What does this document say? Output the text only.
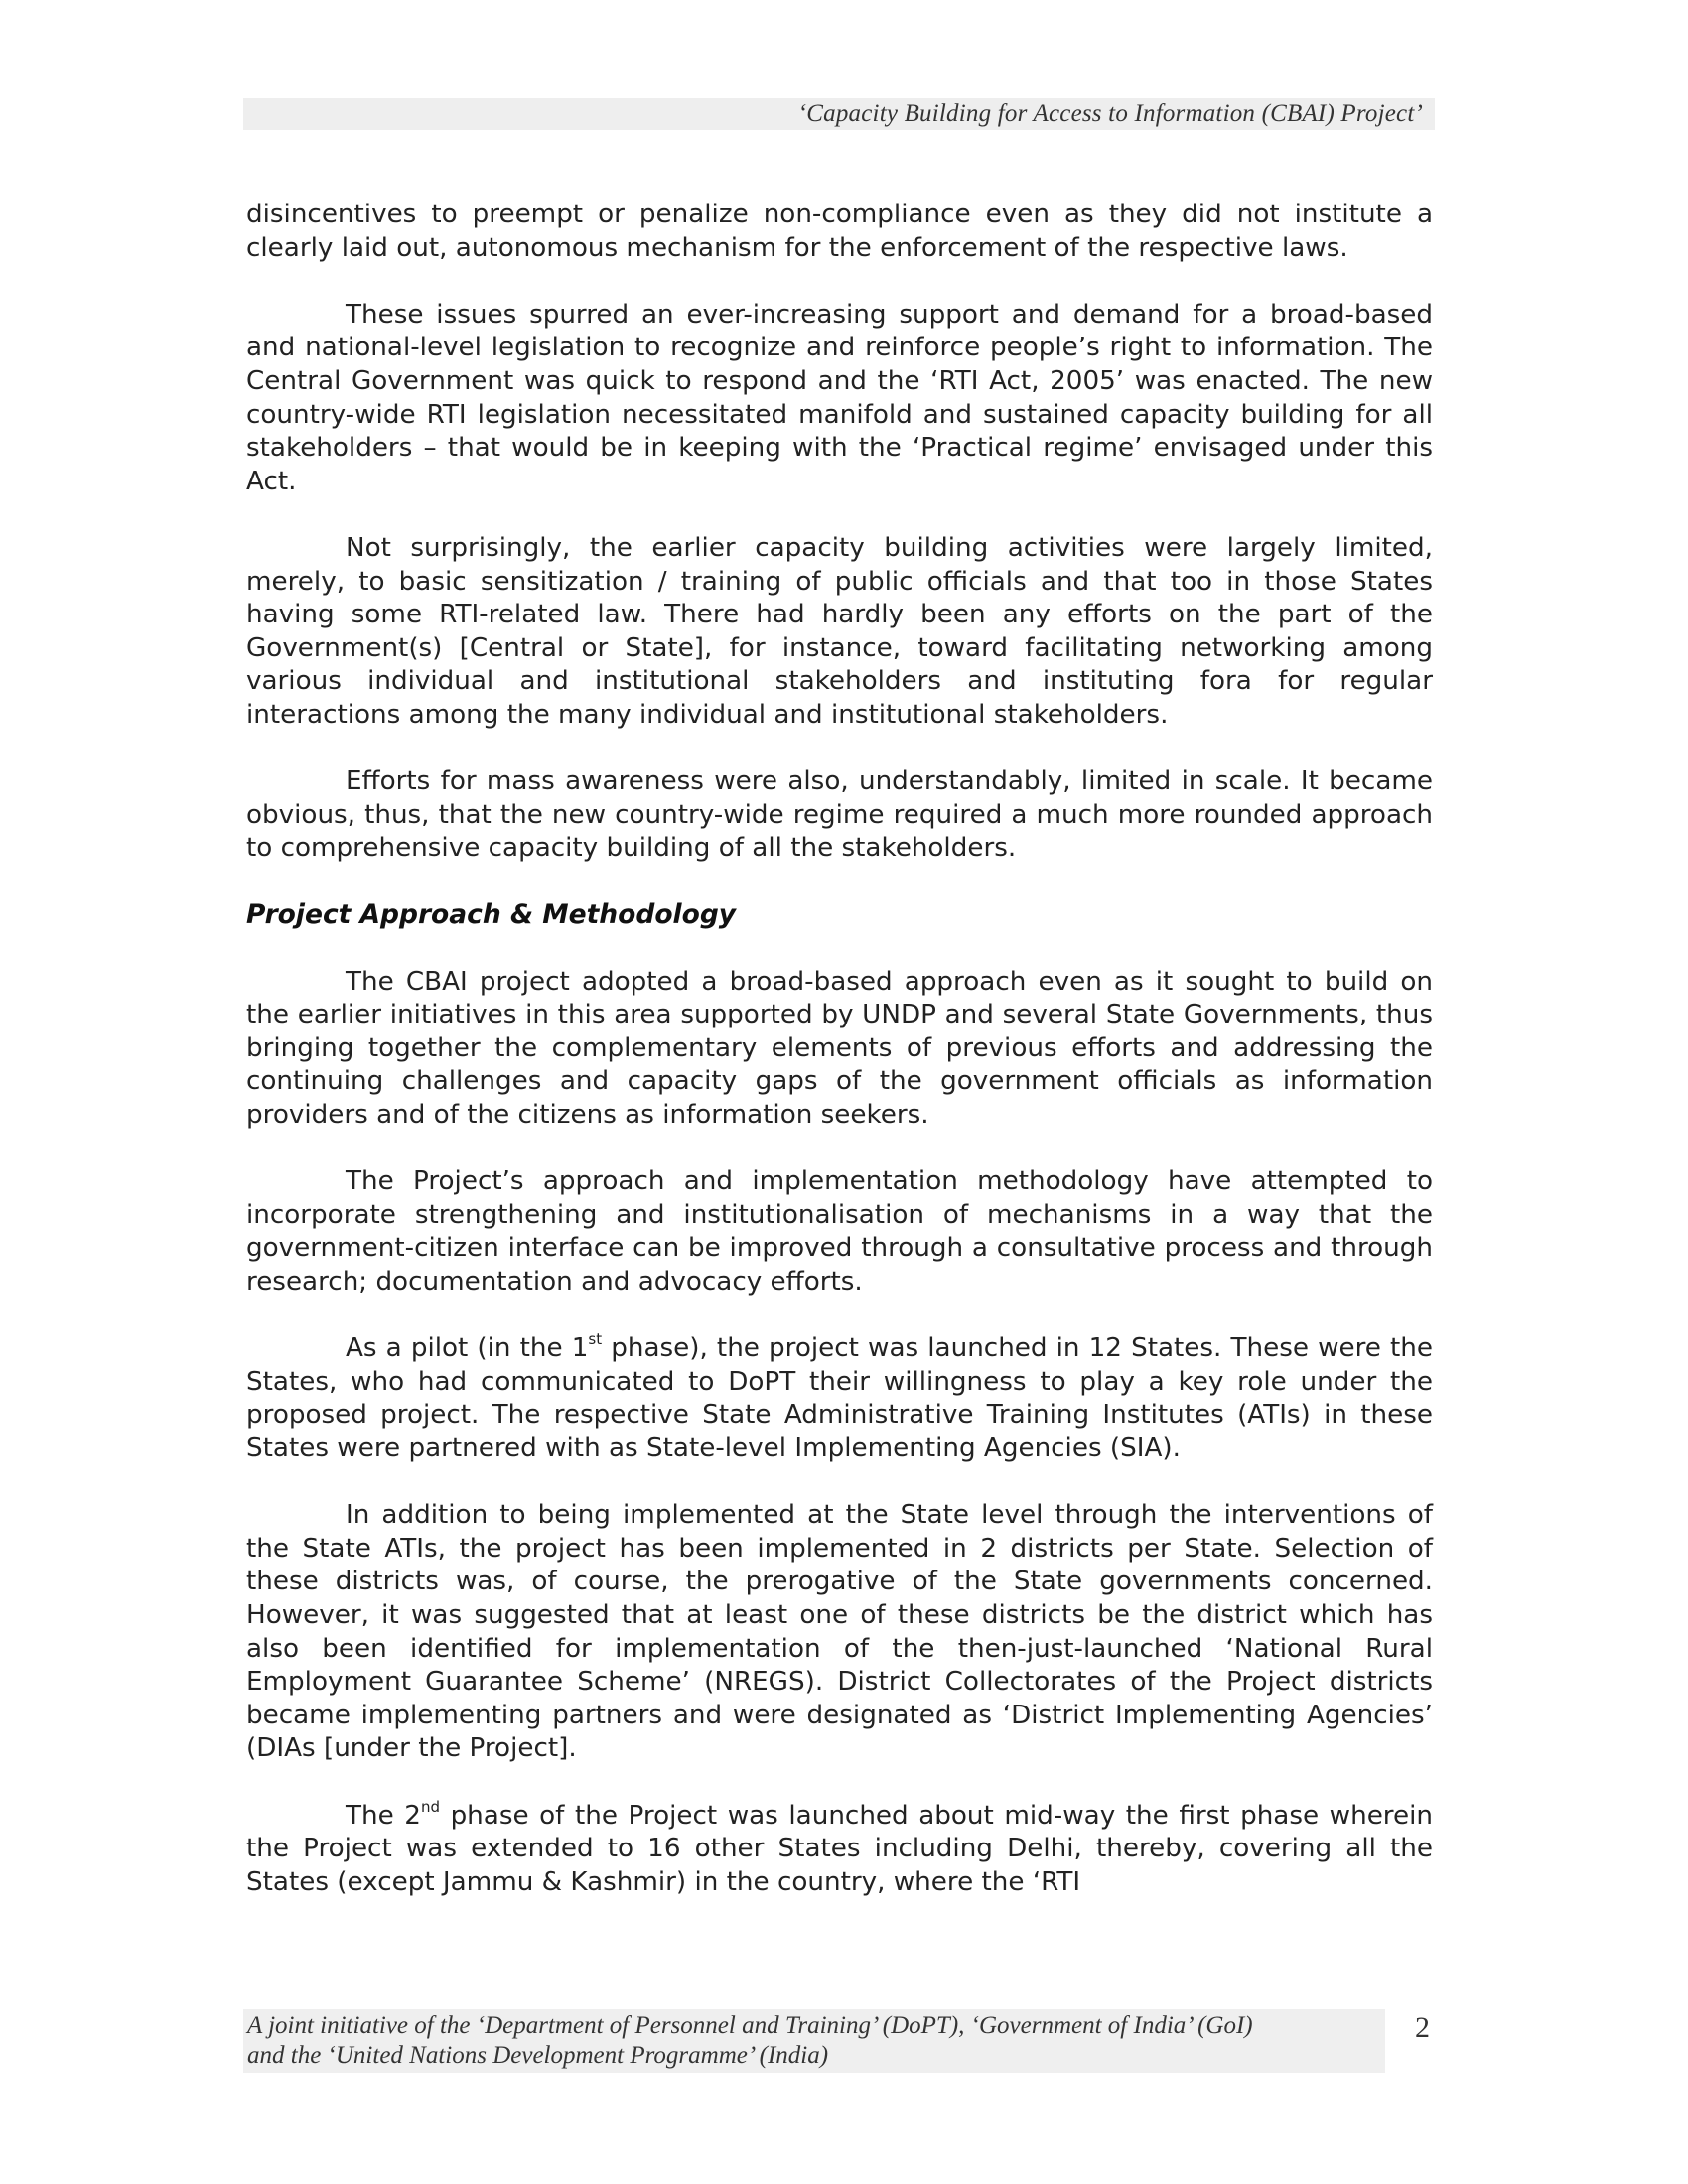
‘Capacity Building for Access to Information (CBAI) Project’

disincentives to preempt or penalize non-compliance even as they did not institute a clearly laid out, autonomous mechanism for the enforcement of the respective laws.

These issues spurred an ever-increasing support and demand for a broad-based and national-level legislation to recognize and reinforce people’s right to information. The Central Government was quick to respond and the ‘RTI Act, 2005’ was enacted. The new country-wide RTI legislation necessitated manifold and sustained capacity building for all stakeholders – that would be in keeping with the ‘Practical regime’ envisaged under this Act.

Not surprisingly, the earlier capacity building activities were largely limited, merely, to basic sensitization / training of public officials and that too in those States having some RTI-related law. There had hardly been any efforts on the part of the Government(s) [Central or State], for instance, toward facilitating networking among various individual and institutional stakeholders and instituting fora for regular interactions among the many individual and institutional stakeholders.

Efforts for mass awareness were also, understandably, limited in scale. It became obvious, thus, that the new country-wide regime required a much more rounded approach to comprehensive capacity building of all the stakeholders.

Project Approach & Methodology

The CBAI project adopted a broad-based approach even as it sought to build on the earlier initiatives in this area supported by UNDP and several State Governments, thus bringing together the complementary elements of previous efforts and addressing the continuing challenges and capacity gaps of the government officials as information providers and of the citizens as information seekers.

The Project’s approach and implementation methodology have attempted to incorporate strengthening and institutionalisation of mechanisms in a way that the government-citizen interface can be improved through a consultative process and through research; documentation and advocacy efforts.

As a pilot (in the 1st phase), the project was launched in 12 States. These were the States, who had communicated to DoPT their willingness to play a key role under the proposed project. The respective State Administrative Training Institutes (ATIs) in these States were partnered with as State-level Implementing Agencies (SIA).

In addition to being implemented at the State level through the interventions of the State ATIs, the project has been implemented in 2 districts per State. Selection of these districts was, of course, the prerogative of the State governments concerned. However, it was suggested that at least one of these districts be the district which has also been identified for implementation of the then-just-launched ‘National Rural Employment Guarantee Scheme’ (NREGS). District Collectorates of the Project districts became implementing partners and were designated as ‘District Implementing Agencies’ (DIAs [under the Project].

The 2nd phase of the Project was launched about mid-way the first phase wherein the Project was extended to 16 other States including Delhi, thereby, covering all the States (except Jammu & Kashmir) in the country, where the ‘RTI

A joint initiative of the ‘Department of Personnel and Training’ (DoPT), ‘Government of India’ (GoI)
and the ‘United Nations Development Programme’ (India)
2
